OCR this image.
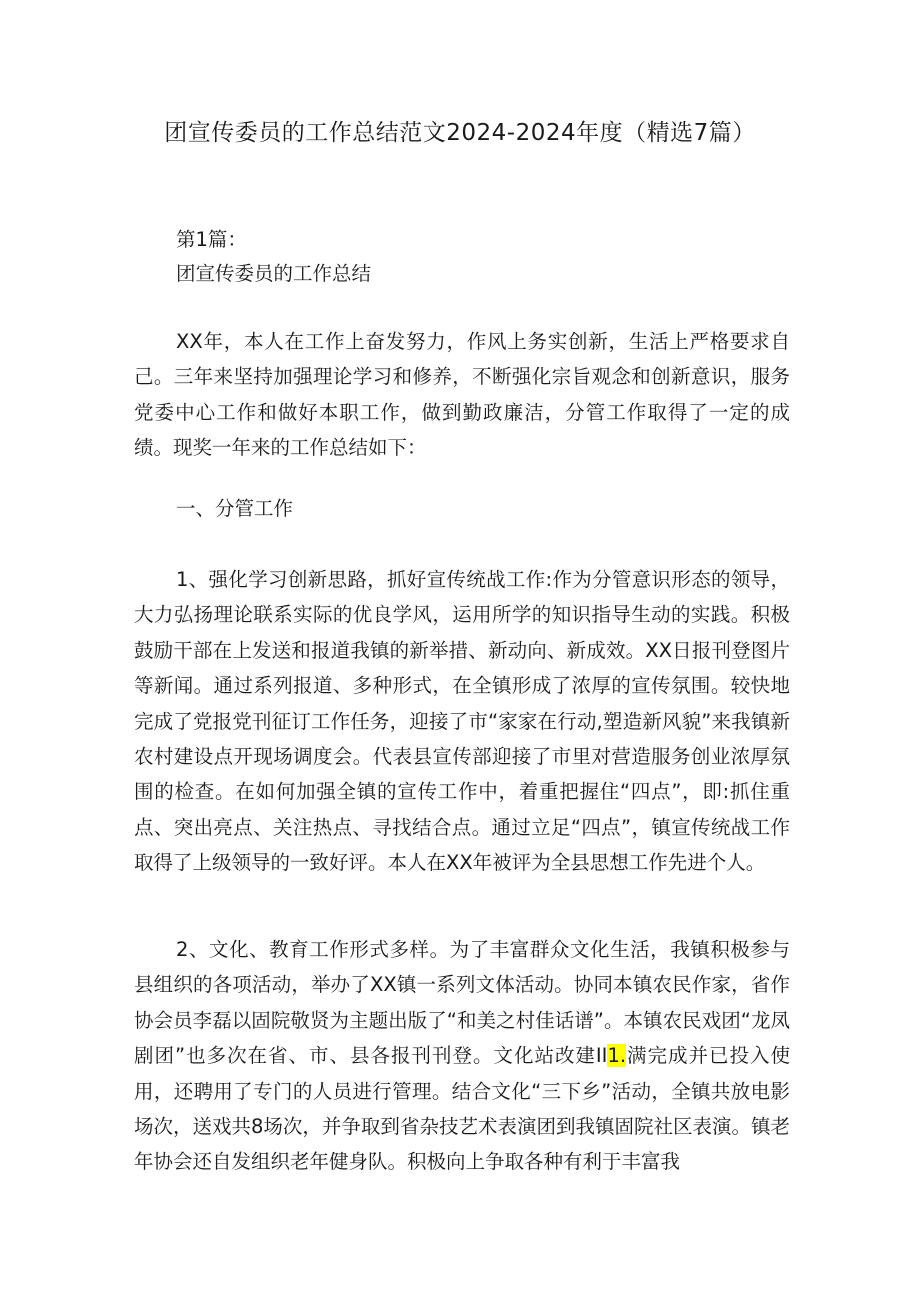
团宣传委员的工作总结范文2024-2024年度（精选7篇）
第1篇：
团宣传委员的工作总结

XX年，本人在工作上奋发努力，作风上务实创新，生活上严格要求自己。三年来坚持加强理论学习和修养，不断强化宗旨观念和创新意识，服务党委中心工作和做好本职工作，做到勤政廉洁，分管工作取得了一定的成绩。现奖一年来的工作总结如下：

一、分管工作

1、强化学习创新思路，抓好宣传统战工作:作为分管意识形态的领导，大力弘扬理论联系实际的优良学风，运用所学的知识指导生动的实践。积极鼓励干部在上发送和报道我镇的新举措、新动向、新成效。XX日报刊登图片等新闻。通过系列报道、多种形式，在全镇形成了浓厚的宣传氛围。较快地完成了党报党刊征订工作任务，迎接了市“家家在行动,塑造新风貌”来我镇新农村建设点开现场调度会。代表县宣传部迎接了市里对营造服务创业浓厚氛围的检查。在如何加强全镇的宣传工作中，着重把握住“四点”，即:抓住重点、突出亮点、关注热点、寻找结合点。通过立足“四点”，镇宣传统战工作取得了上级领导的一致好评。本人在XX年被评为全县思想工作先进个人。

2、文化、教育工作形式多样。为了丰富群众文化生活，我镇积极参与县组织的各项活动，举办了XX镇一系列文体活动。协同本镇农民作家，省作协会员李磊以固院敬贤为主题出版了“和美之村佳话谱”。本镇农民戏团“龙凤剧团”也多次在省、市、县各报刊刊登。文化站改建II1.满完成并已投入使用，还聘用了专门的人员进行管理。结合文化“三下乡”活动，全镇共放电影场次，送戏共8场次，并争取到省杂技艺术表演团到我镇固院社区表演。镇老年协会还自发组织老年健身队。积极向上争取各种有利于丰富我
